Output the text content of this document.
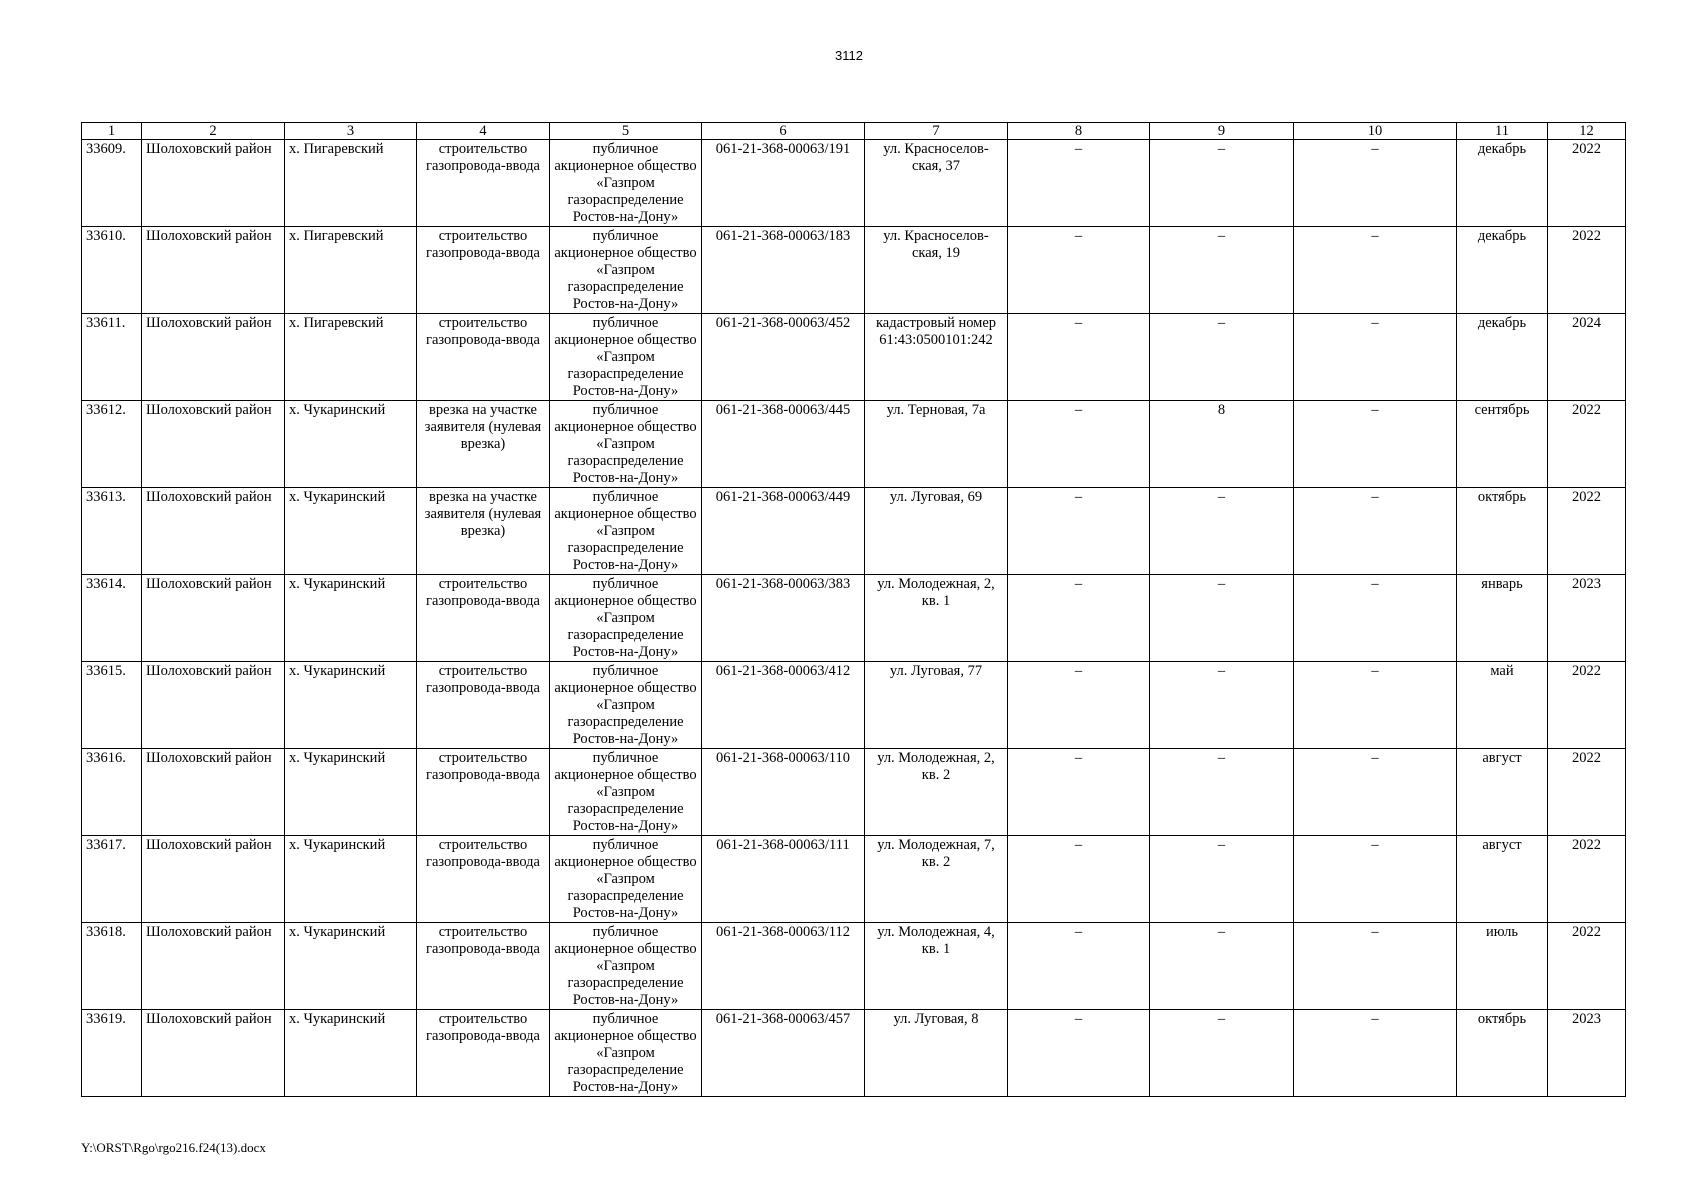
3112
1	2	3	4	5	6	7	8	9	10	11	12
33609.	Шолоховский район	х. Пигаревский	строительство газопровода-ввода	публичное акционерное общество «Газпром газораспределение Ростов-на-Дону»	061-21-368-00063/191	ул. Красноселов-ская, 37	–	–	–	декабрь	2022
33610.	Шолоховский район	х. Пигаревский	строительство газопровода-ввода	публичное акционерное общество «Газпром газораспределение Ростов-на-Дону»	061-21-368-00063/183	ул. Красноселов-ская, 19	–	–	–	декабрь	2022
33611.	Шолоховский район	х. Пигаревский	строительство газопровода-ввода	публичное акционерное общество «Газпром газораспределение Ростов-на-Дону»	061-21-368-00063/452	кадастровый номер 61:43:0500101:242	–	–	–	декабрь	2024
33612.	Шолоховский район	х. Чукаринский	врезка на участке заявителя (нулевая врезка)	публичное акционерное общество «Газпром газораспределение Ростов-на-Дону»	061-21-368-00063/445	ул. Терновая, 7а	–	8	–	сентябрь	2022
33613.	Шолоховский район	х. Чукаринский	врезка на участке заявителя (нулевая врезка)	публичное акционерное общество «Газпром газораспределение Ростов-на-Дону»	061-21-368-00063/449	ул. Луговая, 69	–	–	–	октябрь	2022
33614.	Шолоховский район	х. Чукаринский	строительство газопровода-ввода	публичное акционерное общество «Газпром газораспределение Ростов-на-Дону»	061-21-368-00063/383	ул. Молодежная, 2, кв. 1	–	–	–	январь	2023
33615.	Шолоховский район	х. Чукаринский	строительство газопровода-ввода	публичное акционерное общество «Газпром газораспределение Ростов-на-Дону»	061-21-368-00063/412	ул. Луговая, 77	–	–	–	май	2022
33616.	Шолоховский район	х. Чукаринский	строительство газопровода-ввода	публичное акционерное общество «Газпром газораспределение Ростов-на-Дону»	061-21-368-00063/110	ул. Молодежная, 2, кв. 2	–	–	–	август	2022
33617.	Шолоховский район	х. Чукаринский	строительство газопровода-ввода	публичное акционерное общество «Газпром газораспределение Ростов-на-Дону»	061-21-368-00063/111	ул. Молодежная, 7, кв. 2	–	–	–	август	2022
33618.	Шолоховский район	х. Чукаринский	строительство газопровода-ввода	публичное акционерное общество «Газпром газораспределение Ростов-на-Дону»	061-21-368-00063/112	ул. Молодежная, 4, кв. 1	–	–	–	июль	2022
33619.	Шолоховский район	х. Чукаринский	строительство газопровода-ввода	публичное акционерное общество «Газпром газораспределение Ростов-на-Дону»	061-21-368-00063/457	ул. Луговая, 8	–	–	–	октябрь	2023
Y:\ORST\Rgo\rgo216.f24(13).docx
